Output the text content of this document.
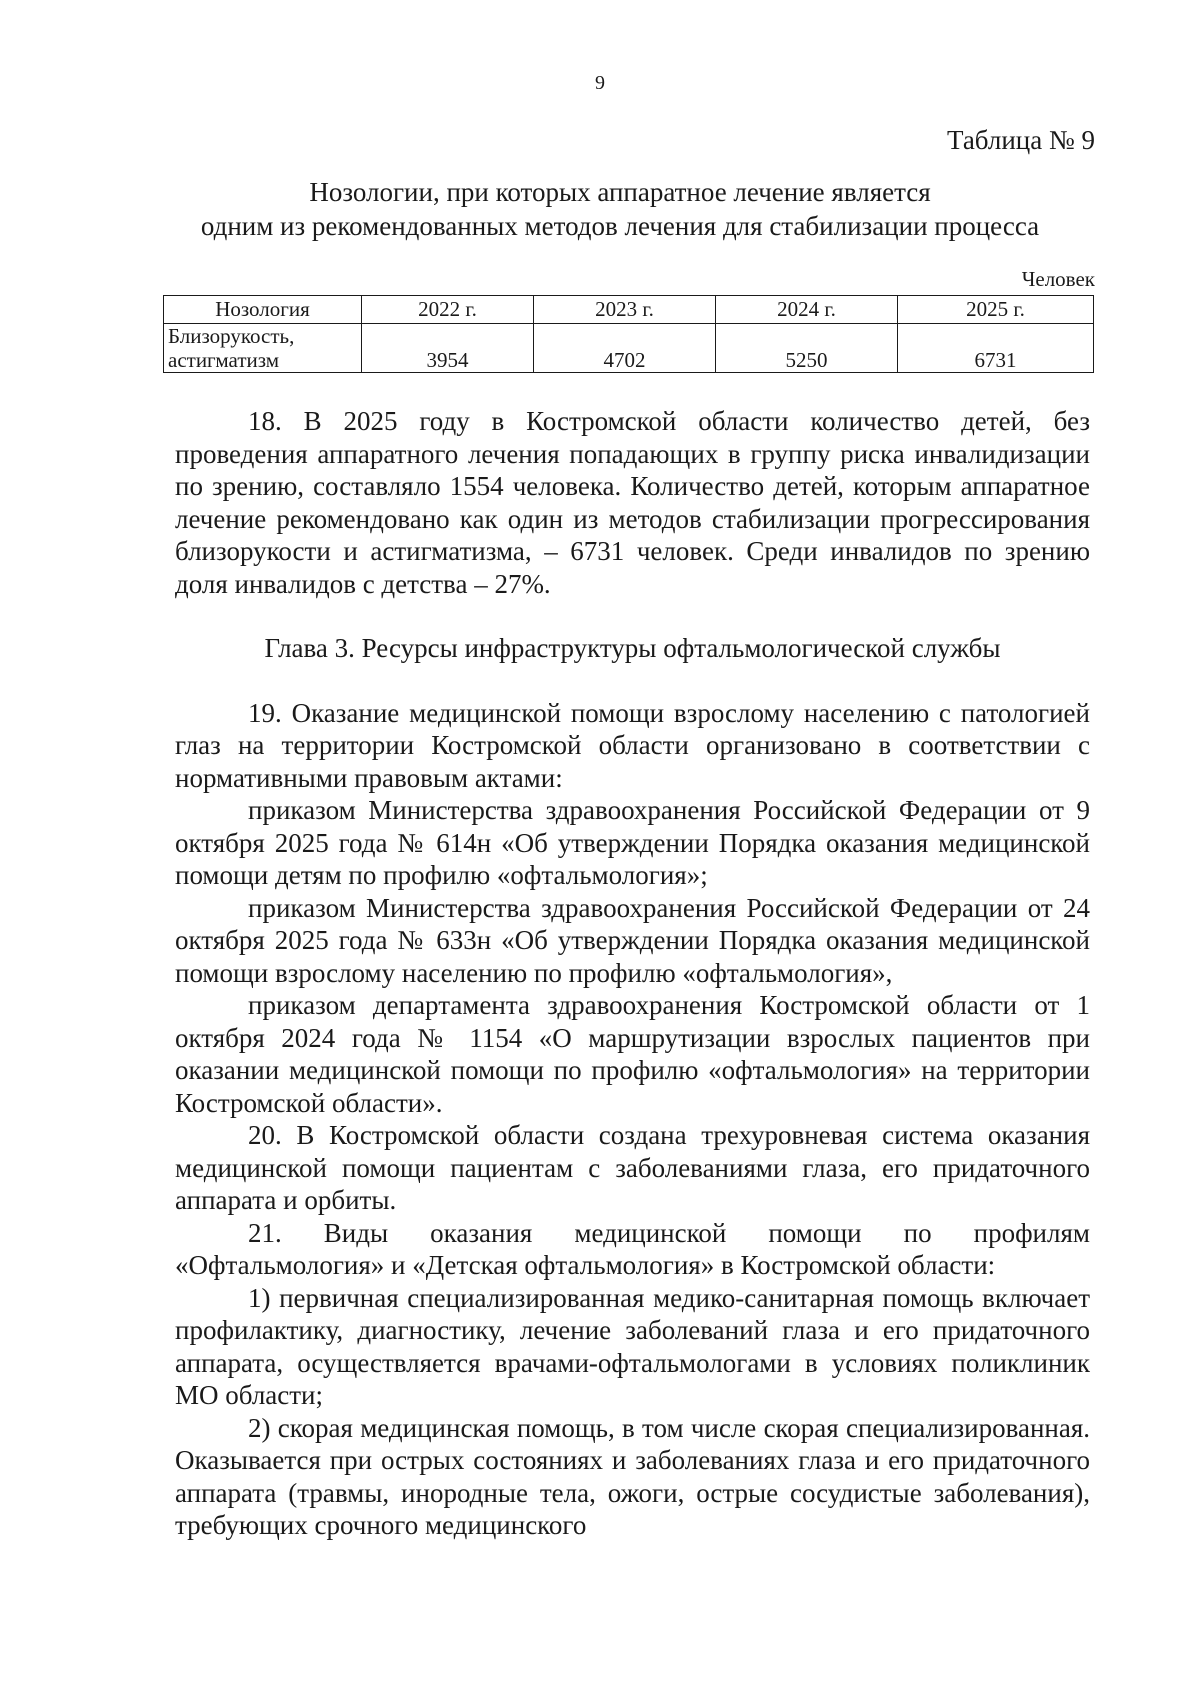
9
Таблица № 9
Нозологии, при которых аппаратное лечение является
одним из рекомендованных методов лечения для стабилизации процесса
Человек
Нозология	2022 г.	2023 г.	2024 г.	2025 г.

Близорукость,
астигматизм	3954	4702	5250	6731

18. В 2025 году в Костромской области количество детей, без проведения аппаратного лечения попадающих в группу риска инвалидизации по зрению, составляло 1554 человека. Количество детей, которым аппаратное лечение рекомендовано как один из методов стабилизации прогрессирования близорукости и астигматизма, – 6731 человек. Среди инвалидов по зрению доля инвалидов с детства – 27%.

Глава 3. Ресурсы инфраструктуры офтальмологической службы

19. Оказание медицинской помощи взрослому населению с патологией глаз на территории Костромской области организовано в соответствии с нормативными правовым актами:

приказом Министерства здравоохранения Российской Федерации от 9 октября 2025 года № 614н «Об утверждении Порядка оказания медицинской помощи детям по профилю «офтальмология»;

приказом Министерства здравоохранения Российской Федерации от 24 октября 2025 года № 633н «Об утверждении Порядка оказания медицинской помощи взрослому населению по профилю «офтальмология»,

приказом департамента здравоохранения Костромской области от 1 октября 2024 года № 1154 «О маршрутизации взрослых пациентов при оказании медицинской помощи по профилю «офтальмология» на территории Костромской области».

20. В Костромской области создана трехуровневая система оказания медицинской помощи пациентам с заболеваниями глаза, его придаточного аппарата и орбиты.

21. Виды оказания медицинской помощи по профилям «Офтальмология» и «Детская офтальмология» в Костромской области:

1) первичная специализированная медико-санитарная помощь включает профилактику, диагностику, лечение заболеваний глаза и его придаточного аппарата, осуществляется врачами-офтальмологами в условиях поликлиник МО области;

2) скорая медицинская помощь, в том числе скорая специализированная. Оказывается при острых состояниях и заболеваниях глаза и его придаточного аппарата (травмы, инородные тела, ожоги, острые сосудистые заболевания), требующих срочного медицинского
